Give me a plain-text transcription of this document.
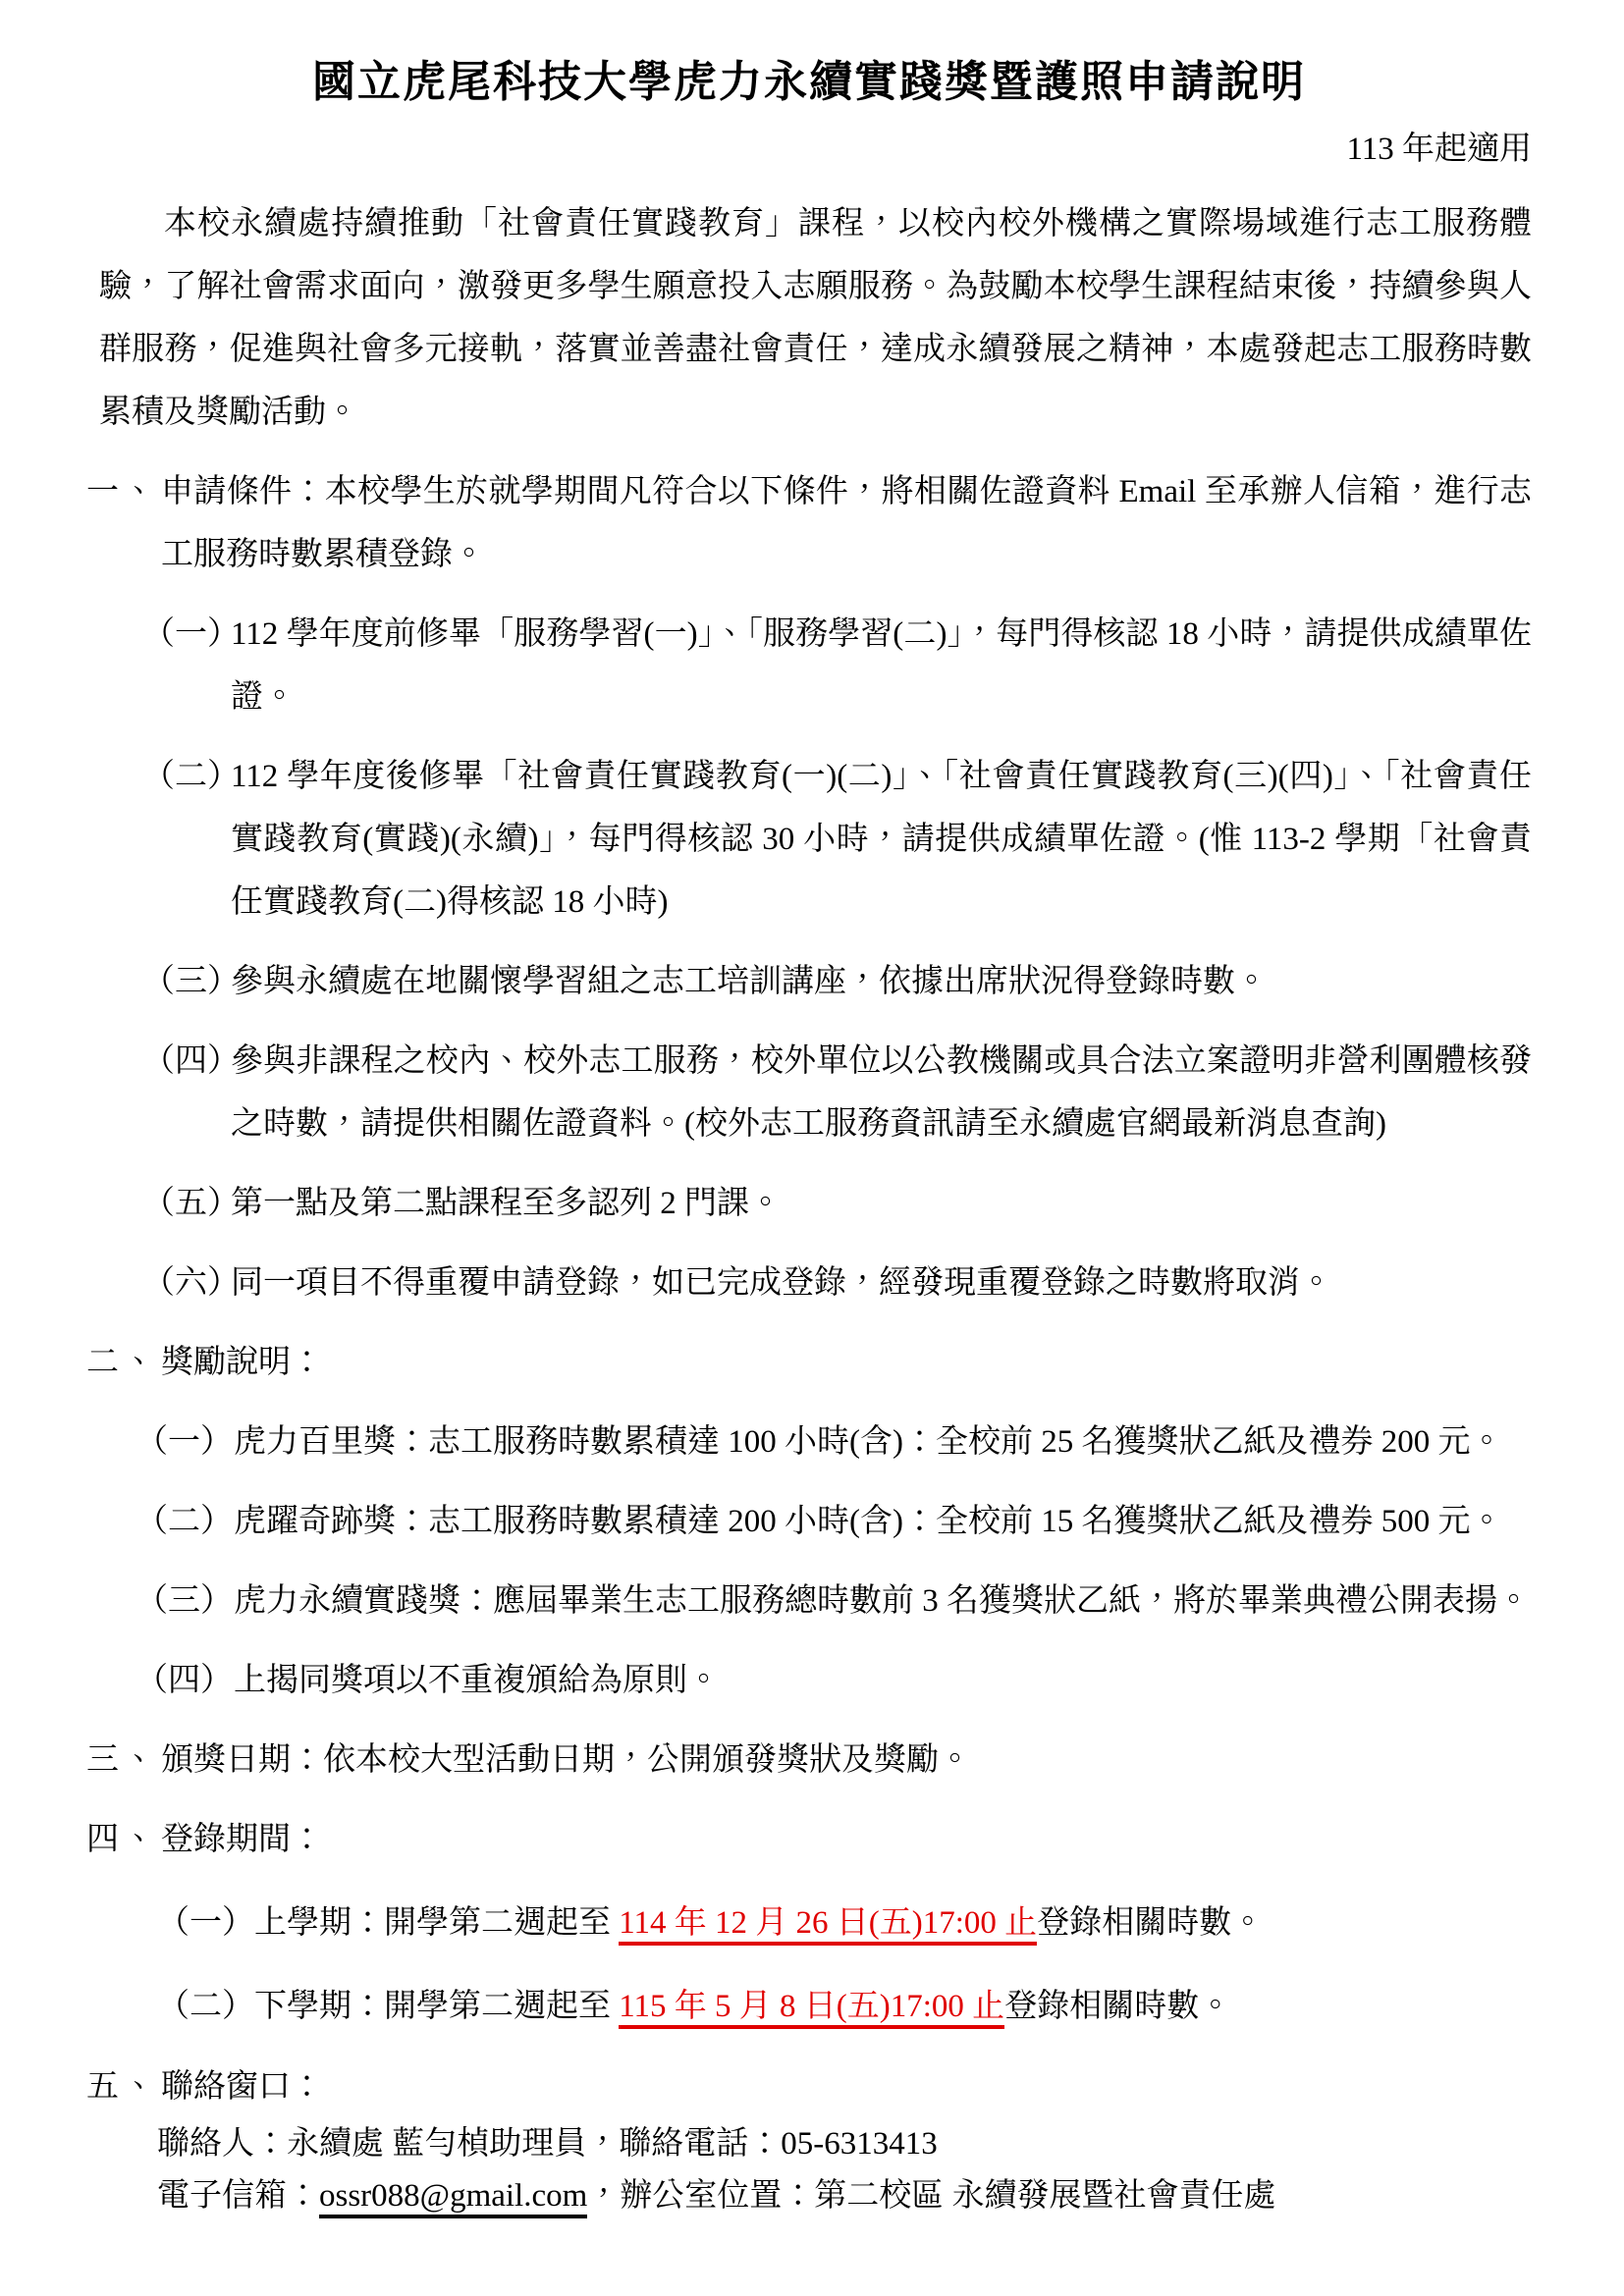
國立虎尾科技大學虎力永續實踐獎暨護照申請說明
113 年起適用

本校永續處持續推動「社會責任實踐教育」課程，以校內校外機構之實際場域進行志工服務體驗，了解社會需求面向，激發更多學生願意投入志願服務。為鼓勵本校學生課程結束後，持續參與人群服務，促進與社會多元接軌，落實並善盡社會責任，達成永續發展之精神，本處發起志工服務時數累積及獎勵活動。

一、 申請條件：本校學生於就學期間凡符合以下條件，將相關佐證資料 Email 至承辦人信箱，進行志工服務時數累積登錄。
（一）
112 學年度前修畢「服務學習(一)」、「服務學習(二)」，每門得核認 18 小時，請提供成績單佐證。
（二）
112 學年度後修畢「社會責任實踐教育(一)(二)」、「社會責任實踐教育(三)(四)」、「社會責任實踐教育(實踐)(永續)」，每門得核認 30 小時，請提供成績單佐證。(惟 113-2 學期「社會責任實踐教育(二)得核認 18 小時)
（三）
參與永續處在地關懷學習組之志工培訓講座，依據出席狀況得登錄時數。
（四）
參與非課程之校內、校外志工服務，校外單位以公教機關或具合法立案證明非營利團體核發之時數，請提供相關佐證資料。(校外志工服務資訊請至永續處官網最新消息查詢)
（五）
第一點及第二點課程至多認列 2 門課。
（六）
同一項目不得重覆申請登錄，如已完成登錄，經發現重覆登錄之時數將取消。
二、 獎勵說明：
（一） 虎力百里獎：志工服務時數累積達 100 小時(含)：全校前 25 名獲獎狀乙紙及禮券 200 元。
（二） 虎躍奇跡獎：志工服務時數累積達 200 小時(含)：全校前 15 名獲獎狀乙紙及禮券 500 元。
（三） 虎力永續實踐獎：應屆畢業生志工服務總時數前 3 名獲獎狀乙紙，將於畢業典禮公開表揚。
（四） 上揭同獎項以不重複頒給為原則。
三、 頒獎日期：依本校大型活動日期，公開頒發獎狀及獎勵。
四、 登錄期間：
（一）上學期：開學第二週起至 114 年 12 月 26 日(五)17:00 止登錄相關時數。
（二）下學期：開學第二週起至 115 年 5 月 8 日(五)17:00 止登錄相關時數。
五、 聯絡窗口：
聯絡人：永續處 藍勻楨助理員，聯絡電話：05-6313413
電子信箱：ossr088@gmail.com，辦公室位置：第二校區 永續發展暨社會責任處
